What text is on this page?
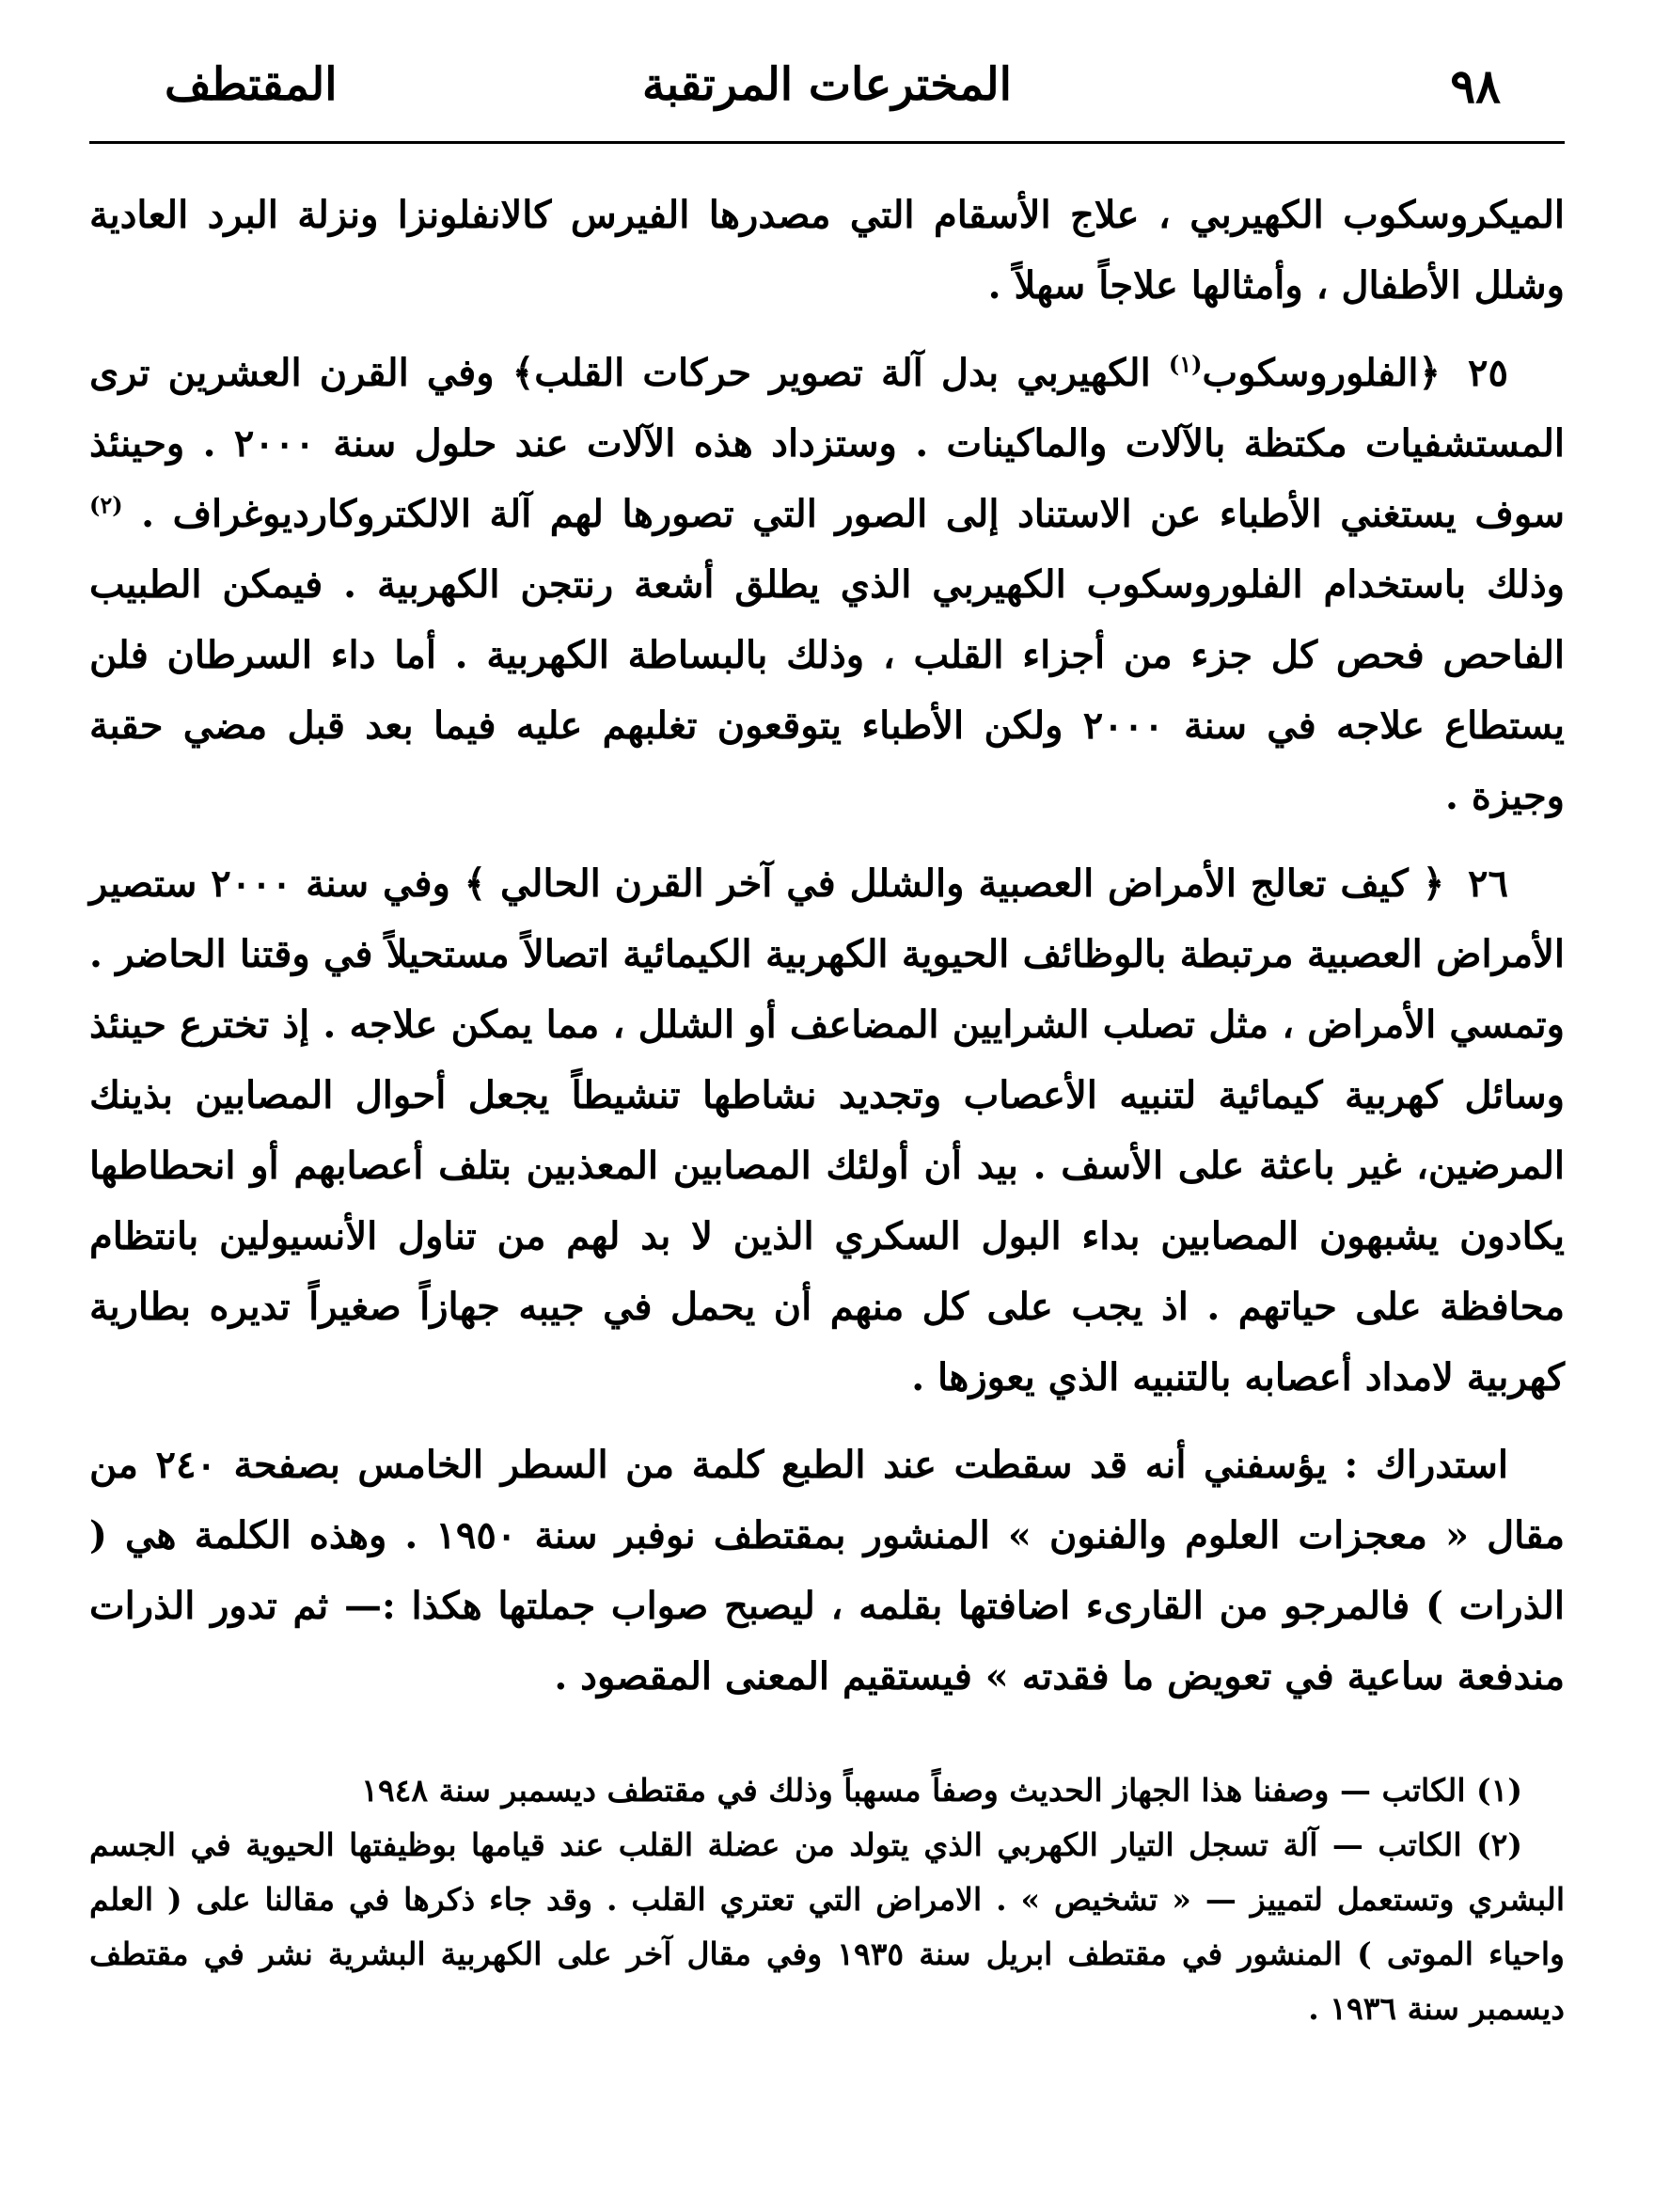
٩٨
المخترعات المرتقبة
المقتطف

الميكروسكوب الكهيربي ، علاج الأسقام التي مصدرها الفيرس كالانفلونزا ونزلة البرد العادية وشلل الأطفال ، وأمثالها علاجاً سهلاً .

٢٥ ﴿الفلوروسكوب$^{(١)}$ الكهيربي بدل آلة تصوير حركات القلب﴾ وفي القرن العشرين ترى المستشفيات مكتظة بالآلات والماكينات . وستزداد هذه الآلات عند حلول سنة ٢٠٠٠ . وحينئذ سوف يستغني الأطباء عن الاستناد إلى الصور التي تصورها لهم آلة الالكتروكارديوغراف . $^{(٢)}$ وذلك باستخدام الفلوروسكوب الكهيربي الذي يطلق أشعة رنتجن الكهربية . فيمكن الطبيب الفاحص فحص كل جزء من أجزاء القلب ، وذلك بالبساطة الكهربية . أما داء السرطان فلن يستطاع علاجه في سنة ٢٠٠٠ ولكن الأطباء يتوقعون تغلبهم عليه فيما بعد قبل مضي حقبة وجيزة .

٢٦ ﴿ كيف تعالج الأمراض العصبية والشلل في آخر القرن الحالي ﴾ وفي سنة ٢٠٠٠ ستصير الأمراض العصبية مرتبطة بالوظائف الحيوية الكهربية الكيمائية اتصالاً مستحيلاً في وقتنا الحاضر . وتمسي الأمراض ، مثل تصلب الشرايين المضاعف أو الشلل ، مما يمكن علاجه . إذ تخترع حينئذ وسائل كهربية كيمائية لتنبيه الأعصاب وتجديد نشاطها تنشيطاً يجعل أحوال المصابين بذينك المرضين، غير باعثة على الأسف . بيد أن أولئك المصابين المعذبين بتلف أعصابهم أو انحطاطها يكادون يشبهون المصابين بداء البول السكري الذين لا بد لهم من تناول الأنسيولين بانتظام محافظة على حياتهم . اذ يجب على كل منهم أن يحمل في جيبه جهازاً صغيراً تديره بطارية كهربية لامداد أعصابه بالتنبيه الذي يعوزها .

استدراك : يؤسفني أنه قد سقطت عند الطبع كلمة من السطر الخامس بصفحة ٢٤٠ من مقال « معجزات العلوم والفنون » المنشور بمقتطف نوفبر سنة ١٩٥٠ . وهذه الكلمة هي ( الذرات ) فالمرجو من القارىء اضافتها بقلمه ، ليصبح صواب جملتها هكذا :— ثم تدور الذرات مندفعة ساعية في تعويض ما فقدته » فيستقيم المعنى المقصود .

(١) الكاتب — وصفنا هذا الجهاز الحديث وصفاً مسهباً وذلك في مقتطف ديسمبر سنة ١٩٤٨

(٢) الكاتب — آلة تسجل التيار الكهربي الذي يتولد من عضلة القلب عند قيامها بوظيفتها الحيوية في الجسم البشري وتستعمل لتمييز — « تشخيص » . الامراض التي تعتري القلب . وقد جاء ذكرها في مقالنا على ( العلم واحياء الموتى ) المنشور في مقتطف ابريل سنة ١٩٣٥ وفي مقال آخر على الكهربية البشرية نشر في مقتطف ديسمبر سنة ١٩٣٦ .
